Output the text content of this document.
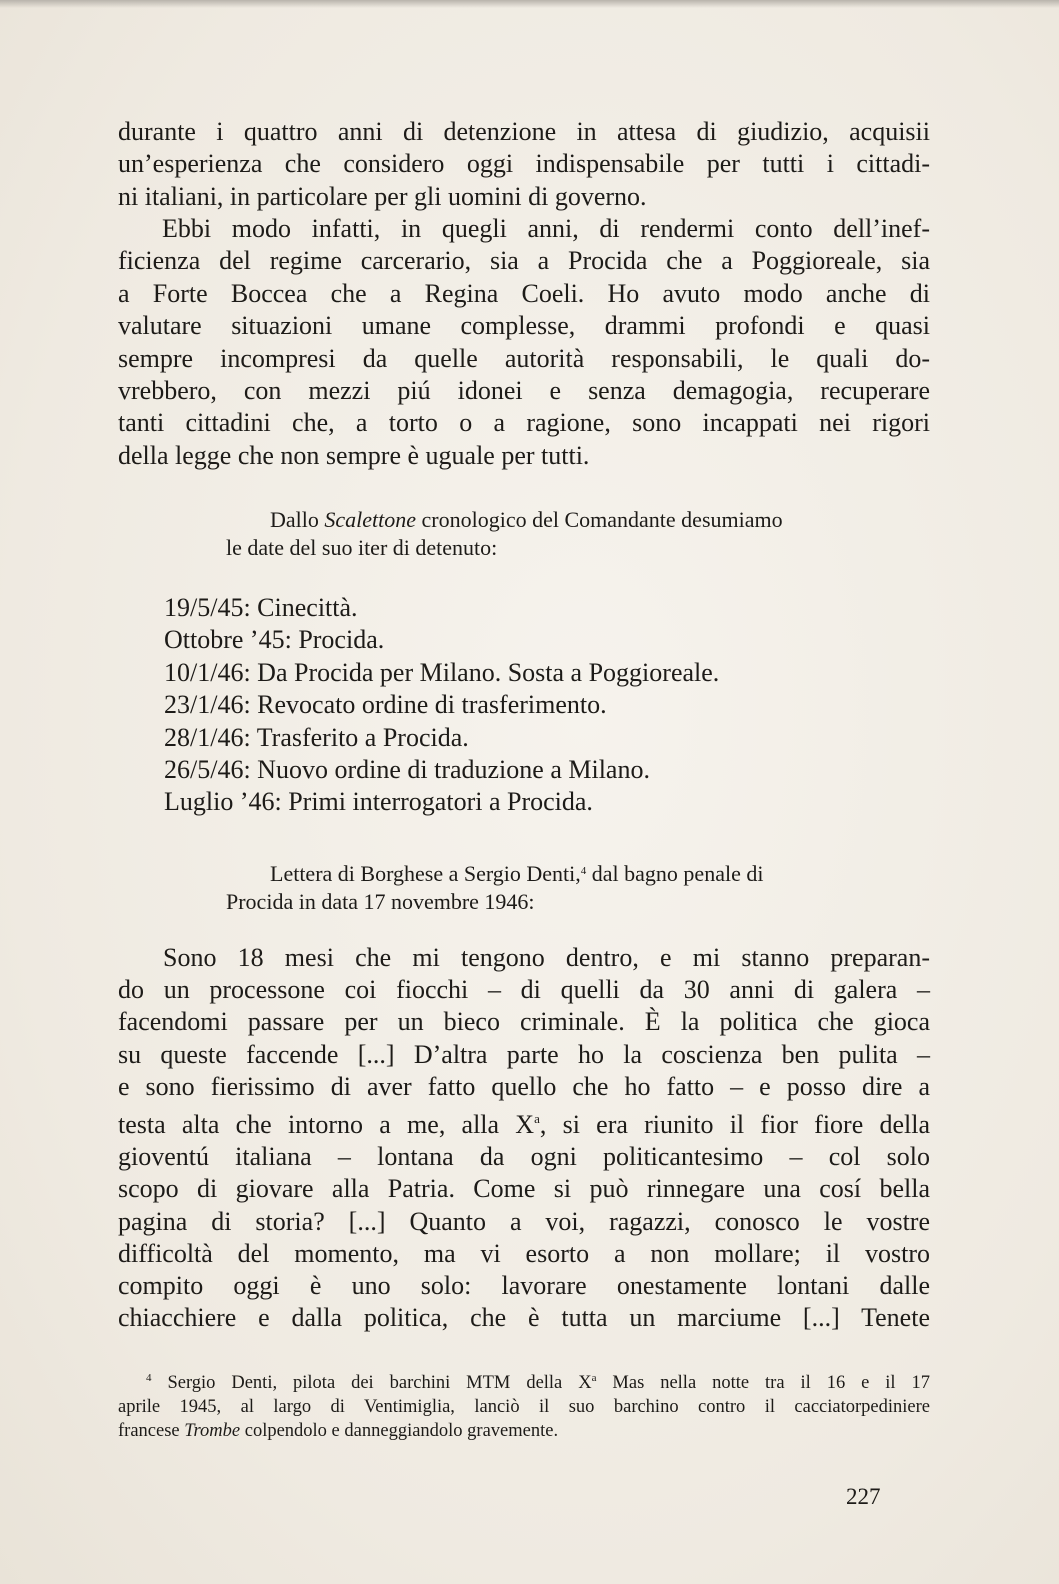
durante i quattro anni di detenzione in attesa di giudizio, acquisii
un’esperienza che considero oggi indispensabile per tutti i cittadi-
ni italiani, in particolare per gli uomini di governo.
Ebbi modo infatti, in quegli anni, di rendermi conto dell’inef-
ficienza del regime carcerario, sia a Procida che a Poggioreale, sia
a Forte Boccea che a Regina Coeli. Ho avuto modo anche di
valutare situazioni umane complesse, drammi profondi e quasi
sempre incompresi da quelle autorità responsabili, le quali do-
vrebbero, con mezzi piú idonei e senza demagogia, recuperare
tanti cittadini che, a torto o a ragione, sono incappati nei rigori
della legge che non sempre è uguale per tutti.
Dallo Scalettone cronologico del Comandante desumiamo
le date del suo iter di detenuto:
19/5/45: Cinecittà.
Ottobre ’45: Procida.
10/1/46: Da Procida per Milano. Sosta a Poggioreale.
23/1/46: Revocato ordine di trasferimento.
28/1/46: Trasferito a Procida.
26/5/46: Nuovo ordine di traduzione a Milano.
Luglio ’46: Primi interrogatori a Procida.
Lettera di Borghese a Sergio Denti,$^4$ dal bagno penale di
Procida in data 17 novembre 1946:
Sono 18 mesi che mi tengono dentro, e mi stanno preparan-
do un processone coi fiocchi – di quelli da 30 anni di galera –
facendomi passare per un bieco criminale. È la politica che gioca
su queste faccende [...] D’altra parte ho la coscienza ben pulita –
e sono fierissimo di aver fatto quello che ho fatto – e posso dire a
testa alta che intorno a me, alla $X^a$, si era riunito il fior fiore della
gioventú italiana – lontana da ogni politicantesimo – col solo
scopo di giovare alla Patria. Come si può rinnegare una cosí bella
pagina di storia? [...] Quanto a voi, ragazzi, conosco le vostre
difficoltà del momento, ma vi esorto a non mollare; il vostro
compito oggi è uno solo: lavorare onestamente lontani dalle
chiacchiere e dalla politica, che è tutta un marciume [...] Tenete
$^4$ Sergio Denti, pilota dei barchini MTM della X$^a$ Mas nella notte tra il 16 e il 17
aprile 1945, al largo di Ventimiglia, lanciò il suo barchino contro il cacciatorpediniere
francese Trombe colpendolo e danneggiandolo gravemente.
227
